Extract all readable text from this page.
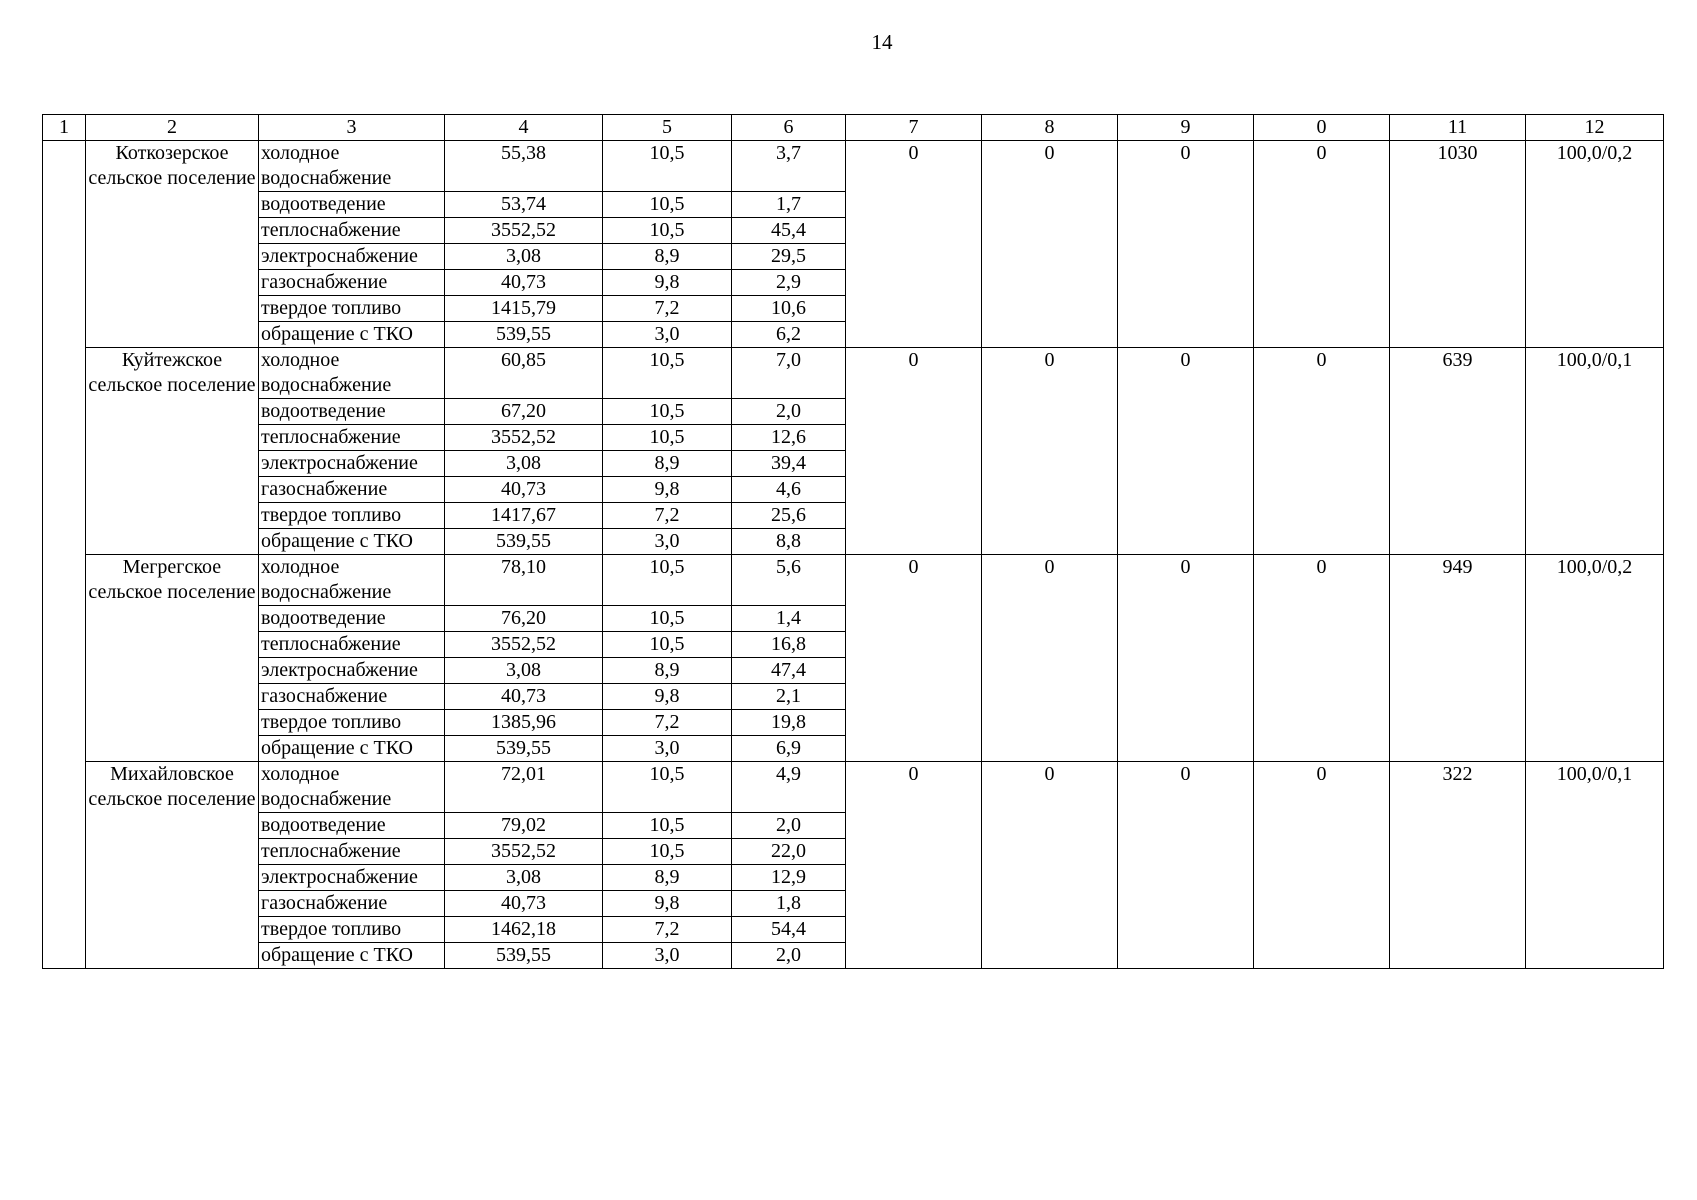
14
1	2	3	4	5	6	7	8	9	0	11	12
	Коткозерское сельское поселение	холодное водоснабжение	55,38	10,5	3,7	0	0	0	0	1030	100,0/0,2
		водоотведение	53,74	10,5	1,7						
		теплоснабжение	3552,52	10,5	45,4						
		электроснабжение	3,08	8,9	29,5						
		газоснабжение	40,73	9,8	2,9						
		твердое топливо	1415,79	7,2	10,6						
		обращение с ТКО	539,55	3,0	6,2						
	Куйтежское сельское поселение	холодное водоснабжение	60,85	10,5	7,0	0	0	0	0	639	100,0/0,1
		водоотведение	67,20	10,5	2,0						
		теплоснабжение	3552,52	10,5	12,6						
		электроснабжение	3,08	8,9	39,4						
		газоснабжение	40,73	9,8	4,6						
		твердое топливо	1417,67	7,2	25,6						
		обращение с ТКО	539,55	3,0	8,8						
	Мегрегское сельское поселение	холодное водоснабжение	78,10	10,5	5,6	0	0	0	0	949	100,0/0,2
		водоотведение	76,20	10,5	1,4						
		теплоснабжение	3552,52	10,5	16,8						
		электроснабжение	3,08	8,9	47,4						
		газоснабжение	40,73	9,8	2,1						
		твердое топливо	1385,96	7,2	19,8						
		обращение с ТКО	539,55	3,0	6,9						
	Михайловское сельское поселение	холодное водоснабжение	72,01	10,5	4,9	0	0	0	0	322	100,0/0,1
		водоотведение	79,02	10,5	2,0						
		теплоснабжение	3552,52	10,5	22,0						
		электроснабжение	3,08	8,9	12,9						
		газоснабжение	40,73	9,8	1,8						
		твердое топливо	1462,18	7,2	54,4						
		обращение с ТКО	539,55	3,0	2,0						
